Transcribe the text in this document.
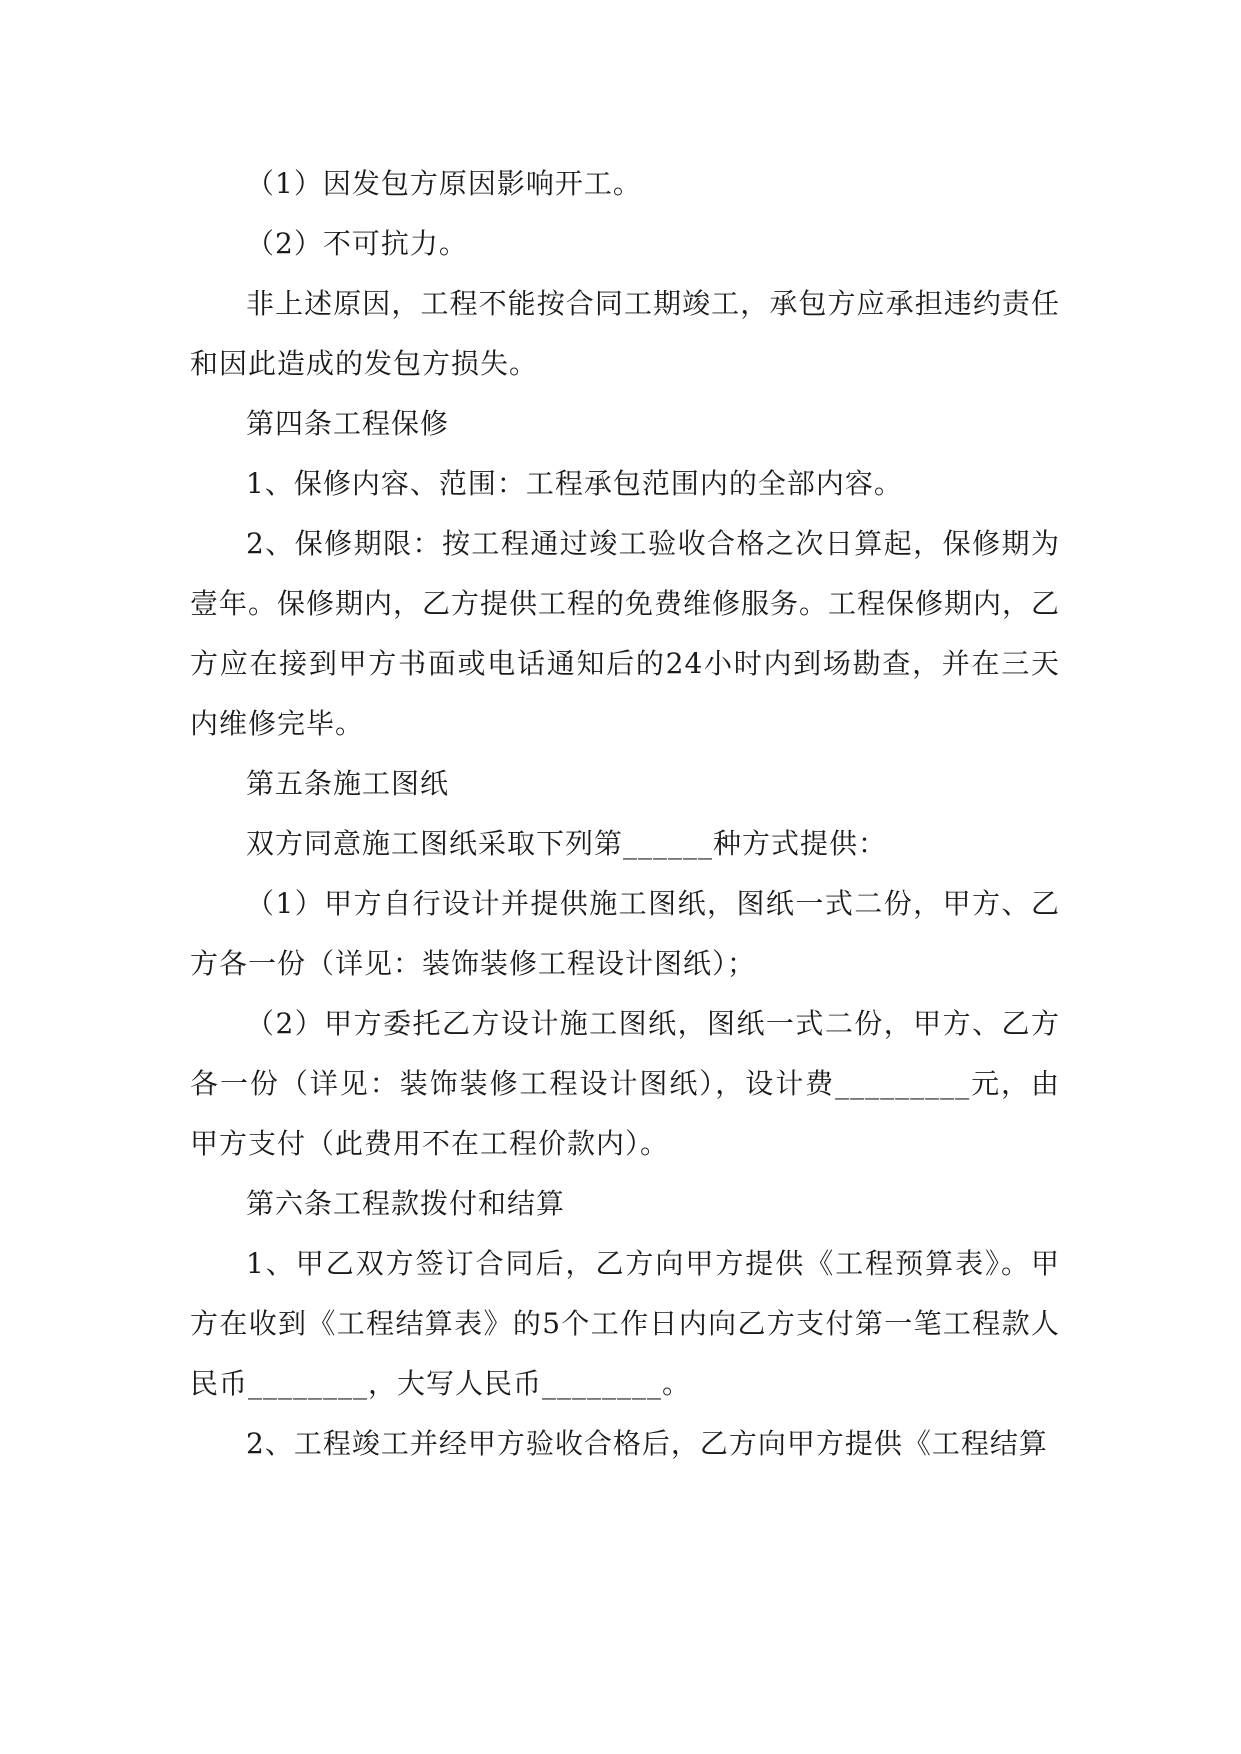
（1）因发包方原因影响开工。

（2）不可抗力。

非上述原因，工程不能按合同工期竣工，承包方应承担违约责任和因此造成的发包方损失。

第四条工程保修

1、保修内容、范围：工程承包范围内的全部内容。

2、保修期限：按工程通过竣工验收合格之次日算起，保修期为壹年。保修期内，乙方提供工程的免费维修服务。工程保修期内，乙方应在接到甲方书面或电话通知后的24小时内到场勘查，并在三天内维修完毕。

第五条施工图纸

双方同意施工图纸采取下列第______种方式提供：

（1）甲方自行设计并提供施工图纸，图纸一式二份，甲方、乙方各一份（详见：装饰装修工程设计图纸）；

（2）甲方委托乙方设计施工图纸，图纸一式二份，甲方、乙方各一份（详见：装饰装修工程设计图纸），设计费_________元，由甲方支付（此费用不在工程价款内）。

第六条工程款拨付和结算

1、甲乙双方签订合同后，乙方向甲方提供《工程预算表》。甲方在收到《工程结算表》的5个工作日内向乙方支付第一笔工程款人民币________，大写人民币________。

2、工程竣工并经甲方验收合格后，乙方向甲方提供《工程结算
